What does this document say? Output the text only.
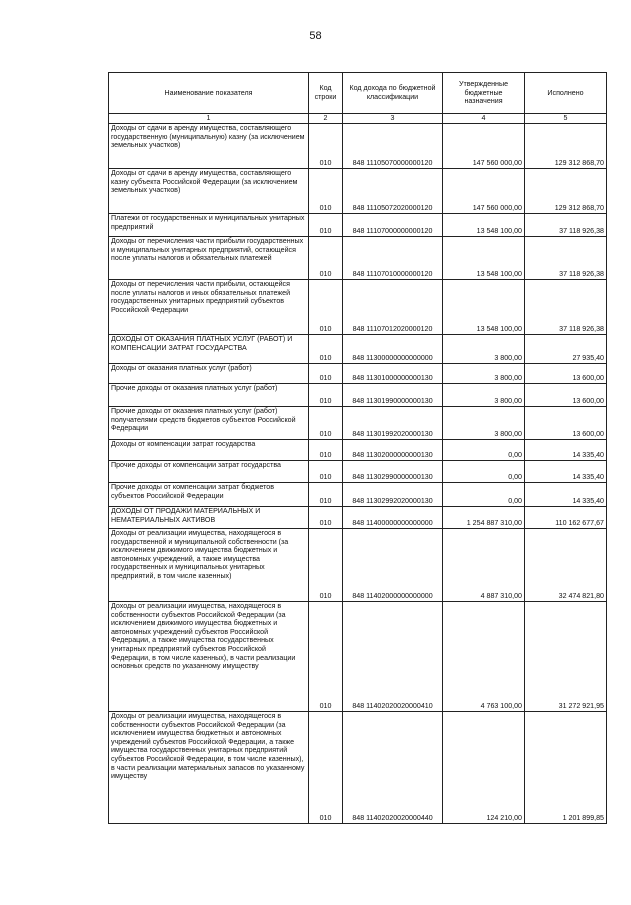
58
Наименование показателя	Код строки	Код дохода по бюджетной классификации	Утвержденные бюджетные назначения	Исполнено
1	2	3	4	5
Доходы от сдачи в аренду имущества, составляющего государственную (муниципальную) казну (за исключением земельных участков)	010	848 11105070000000120	147 560 000,00	129 312 868,70
Доходы от сдачи в аренду имущества, составляющего казну субъекта Российской Федерации (за исключением земельных участков)	010	848 11105072020000120	147 560 000,00	129 312 868,70
Платежи от государственных и муниципальных унитарных предприятий	010	848 11107000000000120	13 548 100,00	37 118 926,38
Доходы от перечисления части прибыли государственных и муниципальных унитарных предприятий, остающейся после уплаты налогов и обязательных платежей	010	848 11107010000000120	13 548 100,00	37 118 926,38
Доходы от перечисления части прибыли, остающейся после уплаты налогов и иных обязательных платежей государственных унитарных предприятий субъектов Российской Федерации	010	848 11107012020000120	13 548 100,00	37 118 926,38
ДОХОДЫ ОТ ОКАЗАНИЯ ПЛАТНЫХ УСЛУГ (РАБОТ) И КОМПЕНСАЦИИ ЗАТРАТ ГОСУДАРСТВА	010	848 11300000000000000	3 800,00	27 935,40
Доходы от оказания платных услуг (работ)	010	848 11301000000000130	3 800,00	13 600,00
Прочие доходы от оказания платных услуг (работ)	010	848 11301990000000130	3 800,00	13 600,00
Прочие доходы от оказания платных услуг (работ) получателями средств бюджетов субъектов Российской Федерации	010	848 11301992020000130	3 800,00	13 600,00
Доходы от компенсации затрат государства	010	848 11302000000000130	0,00	14 335,40
Прочие доходы от компенсации затрат государства	010	848 11302990000000130	0,00	14 335,40
Прочие доходы от компенсации затрат бюджетов субъектов Российской Федерации	010	848 11302992020000130	0,00	14 335,40
ДОХОДЫ ОТ ПРОДАЖИ МАТЕРИАЛЬНЫХ И НЕМАТЕРИАЛЬНЫХ АКТИВОВ	010	848 11400000000000000	1 254 887 310,00	110 162 677,67
Доходы от реализации имущества, находящегося в государственной и муниципальной собственности (за исключением движимого имущества бюджетных и автономных учреждений, а также имущества государственных и муниципальных унитарных предприятий, в том числе казенных)	010	848 11402000000000000	4 887 310,00	32 474 821,80
Доходы от реализации имущества, находящегося в собственности субъектов Российской Федерации (за исключением движимого имущества бюджетных и автономных учреждений субъектов Российской Федерации, а также имущества государственных унитарных предприятий субъектов Российской Федерации, в том числе казенных), в части реализации основных средств по указанному имуществу	010	848 11402020020000410	4 763 100,00	31 272 921,95
Доходы от реализации имущества, находящегося в собственности субъектов Российской Федерации (за исключением имущества бюджетных и автономных учреждений субъектов Российской Федерации, а также имущества государственных унитарных предприятий субъектов Российской Федерации, в том числе казенных), в части реализации материальных запасов по указанному имуществу	010	848 11402020020000440	124 210,00	1 201 899,85
